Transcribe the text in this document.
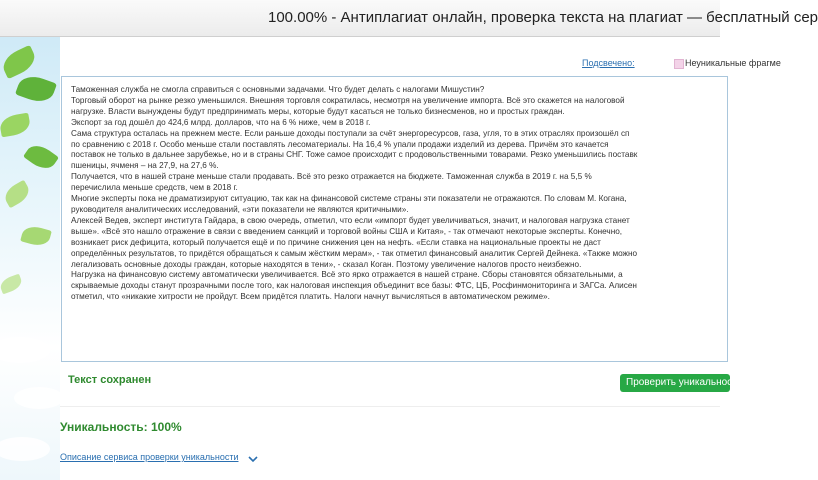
100.00% - Антиплагиат онлайн, проверка текста на плагиат — бесплатный сер
Подсвечено:	Неуникальные фрагме

Таможенная служба не смогла справиться с основными задачами. Что будет делать с налогами Мишустин?

Торговый оборот на рынке резко уменьшился. Внешняя торговля сократилась, несмотря на увеличение импорта. Всё это скажется на налоговой

нагрузке. Власти вынуждены будут предпринимать меры, которые будут касаться не только бизнесменов, но и простых граждан.

Экспорт за год дошёл до 424,6 млрд. долларов, что на 6 % ниже, чем в 2018 г.

Сама структура осталась на прежнем месте. Если раньше доходы поступали за счёт энергоресурсов, газа, угля, то в этих отраслях произошёл сп

по сравнению с 2018 г. Особо меньше стали поставлять лесоматериалы. На 16,4 % упали продажи изделий из дерева. Причём это качается

поставок не только в дальнее зарубежье, но и в страны СНГ. Тоже самое происходит с продовольственными товарами. Резко уменьшились поставк

пшеницы, ячменя – на 27,9, на 27,6 %.

Получается, что в нашей стране меньше стали продавать. Всё это резко отражается на бюджете. Таможенная служба в 2019 г. на 5,5 %

перечислила меньше средств, чем в 2018 г.

Многие эксперты пока не драматизируют ситуацию, так как на финансовой системе страны эти показатели не отражаются. По словам М. Когана,

руководителя аналитических исследований, «эти показатели не являются критичными».

Алексей Ведев, эксперт института Гайдара, в свою очередь, отметил, что если «импорт будет увеличиваться, значит, и налоговая нагрузка станет

выше». «Всё это нашло отражение в связи с введением санкций и торговой войны США и Китая», - так отмечают некоторые эксперты. Конечно,

возникает риск дефицита, который получается ещё и по причине снижения цен на нефть. «Если ставка на национальные проекты не даст

определённых результатов, то придётся обращаться к самым жёстким мерам», - так отметил финансовый аналитик Сергей Дейнека. «Также можно

легализовать основные доходы граждан, которые находятся в тени», - сказал Коган. Поэтому увеличение налогов просто неизбежно.

Нагрузка на финансовую систему автоматически увеличивается. Всё это ярко отражается в нашей стране. Сборы становятся обязательными, а

скрываемые доходы станут прозрачными после того, как налоговая инспекция объединит все базы: ФТС, ЦБ, Росфинмониторинга и ЗАГСа. Алисен

отметил, что «никакие хитрости не пройдут. Всем придётся платить. Налоги начнут вычисляться в автоматическом режиме».

Текст сохранен	Проверить уникальность
Уникальность: 100%
Описание сервиса проверки уникальности
